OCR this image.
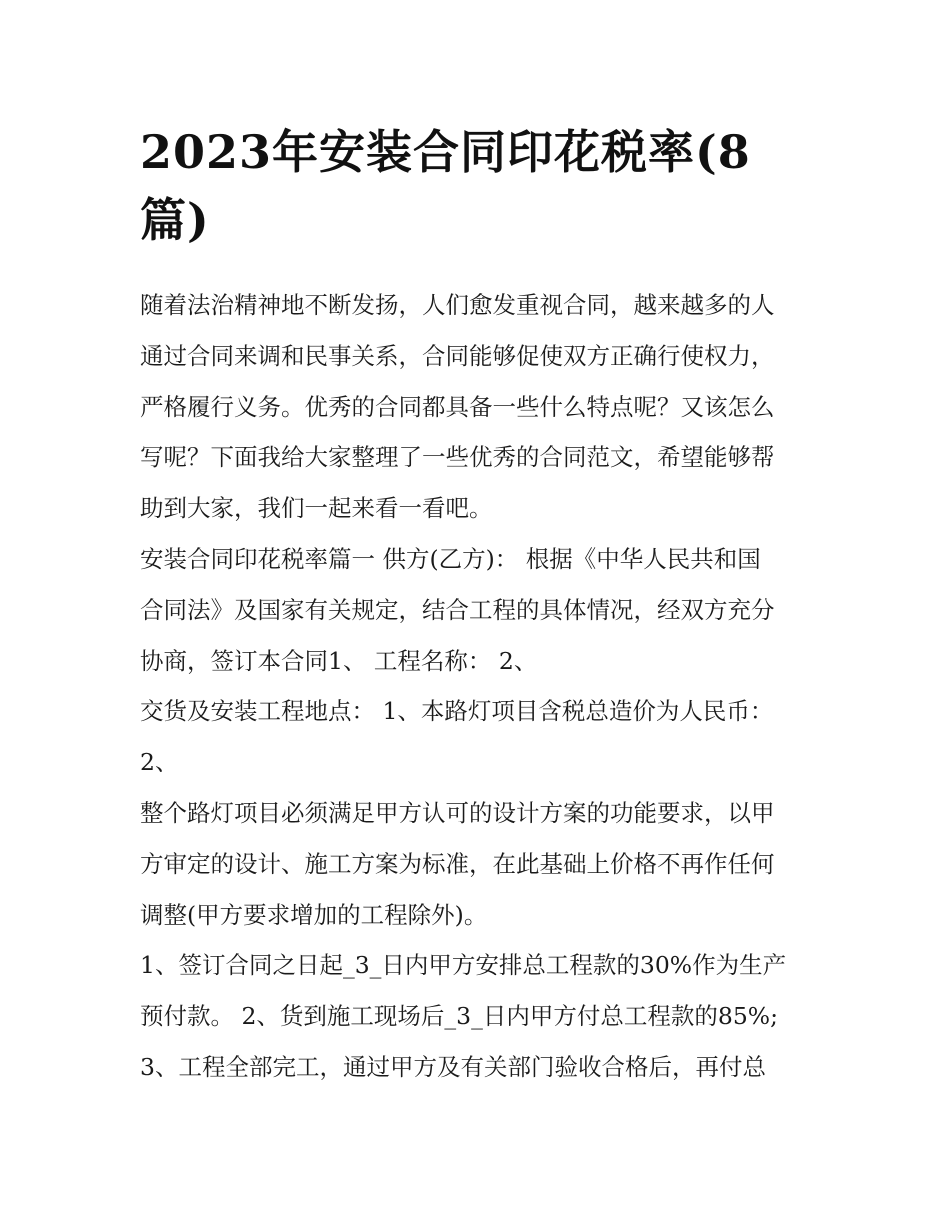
2023年安装合同印花税率(8
篇)
随着法治精神地不断发扬，人们愈发重视合同，越来越多的人
通过合同来调和民事关系，合同能够促使双方正确行使权力，
严格履行义务。优秀的合同都具备一些什么特点呢？又该怎么
写呢？下面我给大家整理了一些优秀的合同范文，希望能够帮
助到大家，我们一起来看一看吧。
安装合同印花税率篇一 供方(乙方)： 根据《中华人民共和国
合同法》及国家有关规定，结合工程的具体情况，经双方充分
协商，签订本合同1、 工程名称： 2、
交货及安装工程地点： 1、本路灯项目含税总造价为人民币：
2、
整个路灯项目必须满足甲方认可的设计方案的功能要求，以甲
方审定的设计、施工方案为标准，在此基础上价格不再作任何
调整(甲方要求增加的工程除外)。
1、签订合同之日起_3_日内甲方安排总工程款的30%作为生产
预付款。 2、货到施工现场后_3_日内甲方付总工程款的85%;
3、工程全部完工，通过甲方及有关部门验收合格后，再付总
